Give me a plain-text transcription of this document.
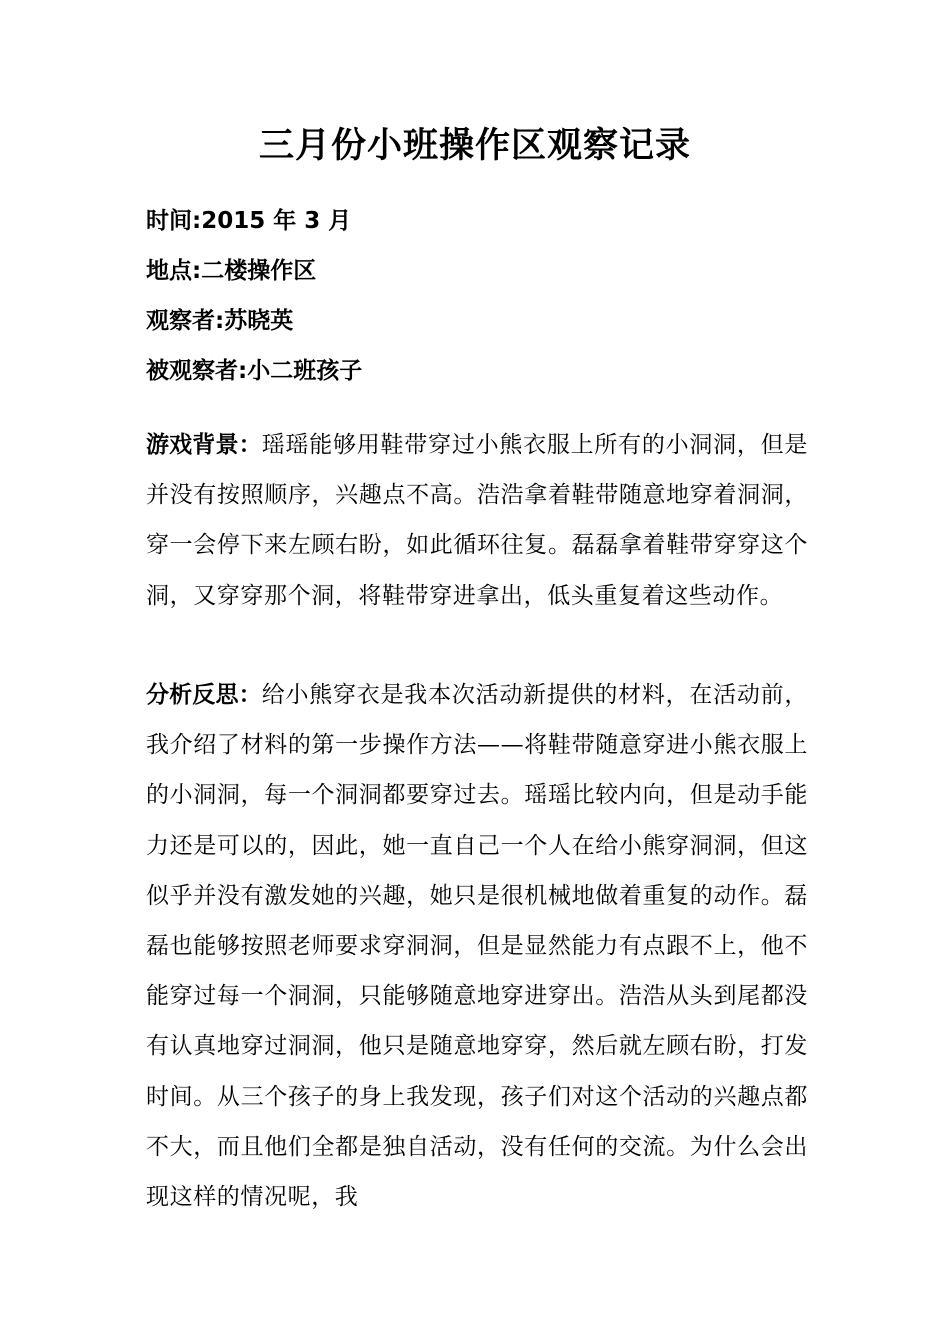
三月份小班操作区观察记录
时间:2015 年 3 月
地点:二楼操作区
观察者:苏晓英
被观察者:小二班孩子

游戏背景：瑶瑶能够用鞋带穿过小熊衣服上所有的小洞洞，但是并没有按照顺序，兴趣点不高。浩浩拿着鞋带随意地穿着洞洞，穿一会停下来左顾右盼，如此循环往复。磊磊拿着鞋带穿穿这个洞，又穿穿那个洞，将鞋带穿进拿出，低头重复着这些动作。

分析反思：给小熊穿衣是我本次活动新提供的材料，在活动前，我介绍了材料的第一步操作方法——将鞋带随意穿进小熊衣服上的小洞洞，每一个洞洞都要穿过去。瑶瑶比较内向，但是动手能力还是可以的，因此，她一直自己一个人在给小熊穿洞洞，但这似乎并没有激发她的兴趣，她只是很机械地做着重复的动作。磊磊也能够按照老师要求穿洞洞，但是显然能力有点跟不上，他不能穿过每一个洞洞，只能够随意地穿进穿出。浩浩从头到尾都没有认真地穿过洞洞，他只是随意地穿穿，然后就左顾右盼，打发时间。从三个孩子的身上我发现，孩子们对这个活动的兴趣点都不大，而且他们全都是独自活动，没有任何的交流。为什么会出现这样的情况呢，我
